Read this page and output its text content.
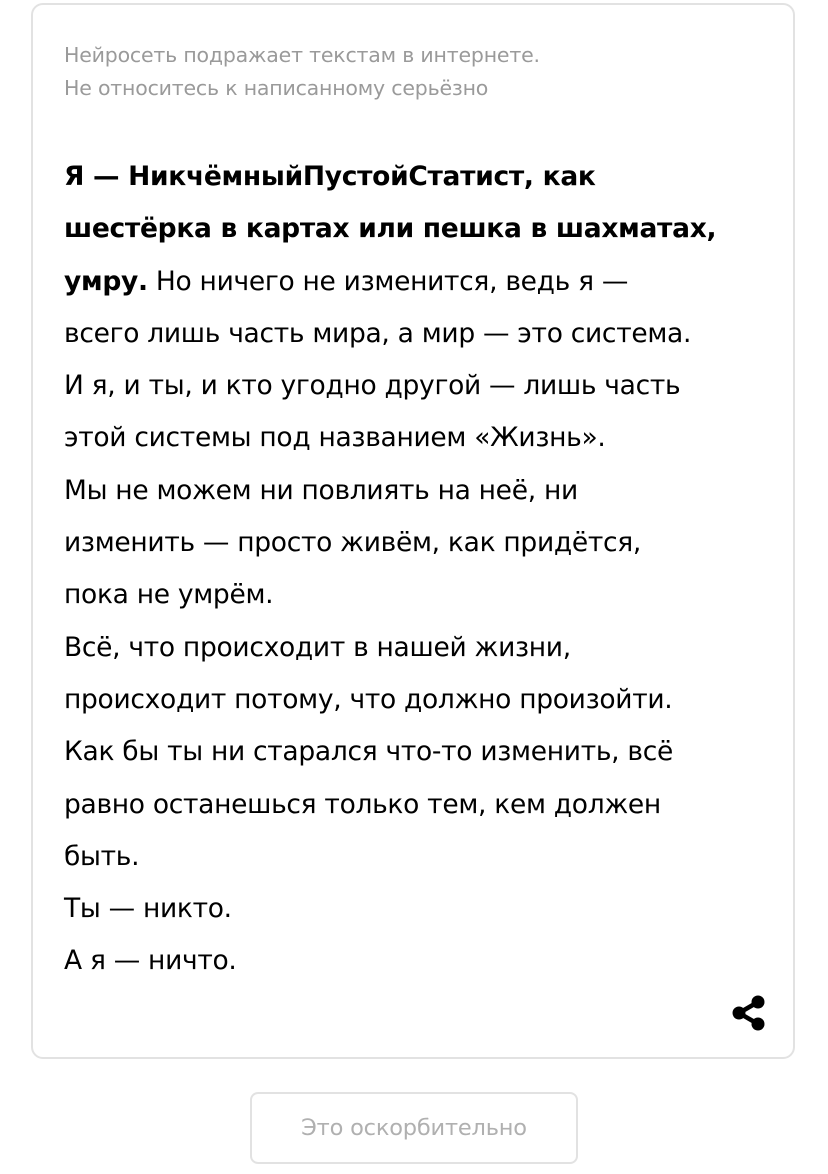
Нейросеть подражает текстам в интернете.
Не относитесь к написанному серьёзно
Я — НикчёмныйПустойСтатист, как
шестёрка в картах или пешка в шахматах,
умру. Но ничего не изменится, ведь я —
всего лишь часть мира, а мир — это система.
И я, и ты, и кто угодно другой — лишь часть
этой системы под названием «Жизнь».
Мы не можем ни повлиять на неё, ни
изменить — просто живём, как придётся,
пока не умрём.
Всё, что происходит в нашей жизни,
происходит потому, что должно произойти.
Как бы ты ни старался что-то изменить, всё
равно останешься только тем, кем должен
быть.
Ты — никто.
А я — ничто.
Это оскорбительно
